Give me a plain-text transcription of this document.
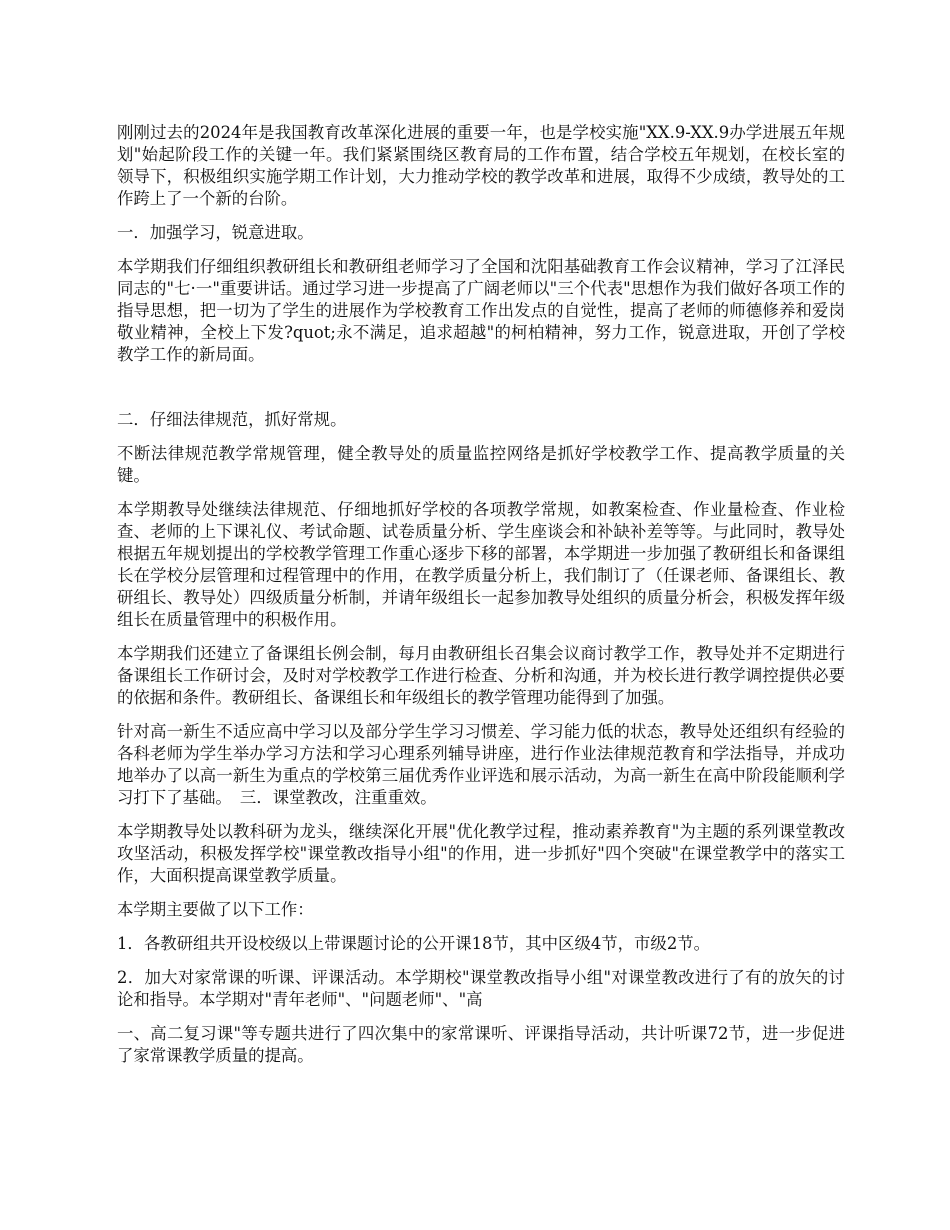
刚刚过去的2024年是我国教育改革深化进展的重要一年，也是学校实施"XX.9-XX.9办学进展五年规划"始起阶段工作的关键一年。我们紧紧围绕区教育局的工作布置，结合学校五年规划，在校长室的领导下，积极组织实施学期工作计划，大力推动学校的教学改革和进展，取得不少成绩，教导处的工作跨上了一个新的台阶。

一．加强学习，锐意进取。

本学期我们仔细组织教研组长和教研组老师学习了全国和沈阳基础教育工作会议精神，学习了江泽民同志的"七·一"重要讲话。通过学习进一步提高了广阔老师以"三个代表"思想作为我们做好各项工作的指导思想，把一切为了学生的进展作为学校教育工作出发点的自觉性，提高了老师的师德修养和爱岗敬业精神，全校上下发?quot;永不满足，追求超越"的柯柏精神，努力工作，锐意进取，开创了学校教学工作的新局面。

二．仔细法律规范，抓好常规。

不断法律规范教学常规管理，健全教导处的质量监控网络是抓好学校教学工作、提高教学质量的关键。

本学期教导处继续法律规范、仔细地抓好学校的各项教学常规，如教案检查、作业量检查、作业检查、老师的上下课礼仪、考试命题、试卷质量分析、学生座谈会和补缺补差等等。与此同时，教导处根据五年规划提出的学校教学管理工作重心逐步下移的部署，本学期进一步加强了教研组长和备课组长在学校分层管理和过程管理中的作用，在教学质量分析上，我们制订了（任课老师、备课组长、教研组长、教导处）四级质量分析制，并请年级组长一起参加教导处组织的质量分析会，积极发挥年级组长在质量管理中的积极作用。

本学期我们还建立了备课组长例会制，每月由教研组长召集会议商讨教学工作，教导处并不定期进行备课组长工作研讨会，及时对学校教学工作进行检查、分析和沟通，并为校长进行教学调控提供必要的依据和条件。教研组长、备课组长和年级组长的教学管理功能得到了加强。

针对高一新生不适应高中学习以及部分学生学习习惯差、学习能力低的状态，教导处还组织有经验的各科老师为学生举办学习方法和学习心理系列辅导讲座，进行作业法律规范教育和学法指导，并成功地举办了以高一新生为重点的学校第三届优秀作业评选和展示活动，为高一新生在高中阶段能顺利学习打下了基础。　三．课堂教改，注重重效。

本学期教导处以教科研为龙头，继续深化开展"优化教学过程，推动素养教育"为主题的系列课堂教改攻坚活动，积极发挥学校"课堂教改指导小组"的作用，进一步抓好"四个突破"在课堂教学中的落实工作，大面积提高课堂教学质量。

本学期主要做了以下工作：

1．各教研组共开设校级以上带课题讨论的公开课18节，其中区级4节，市级2节。

2．加大对家常课的听课、评课活动。本学期校"课堂教改指导小组"对课堂教改进行了有的放矢的讨论和指导。本学期对"青年老师"、"问题老师"、"高

一、高二复习课"等专题共进行了四次集中的家常课听、评课指导活动，共计听课72节，进一步促进了家常课教学质量的提高。
